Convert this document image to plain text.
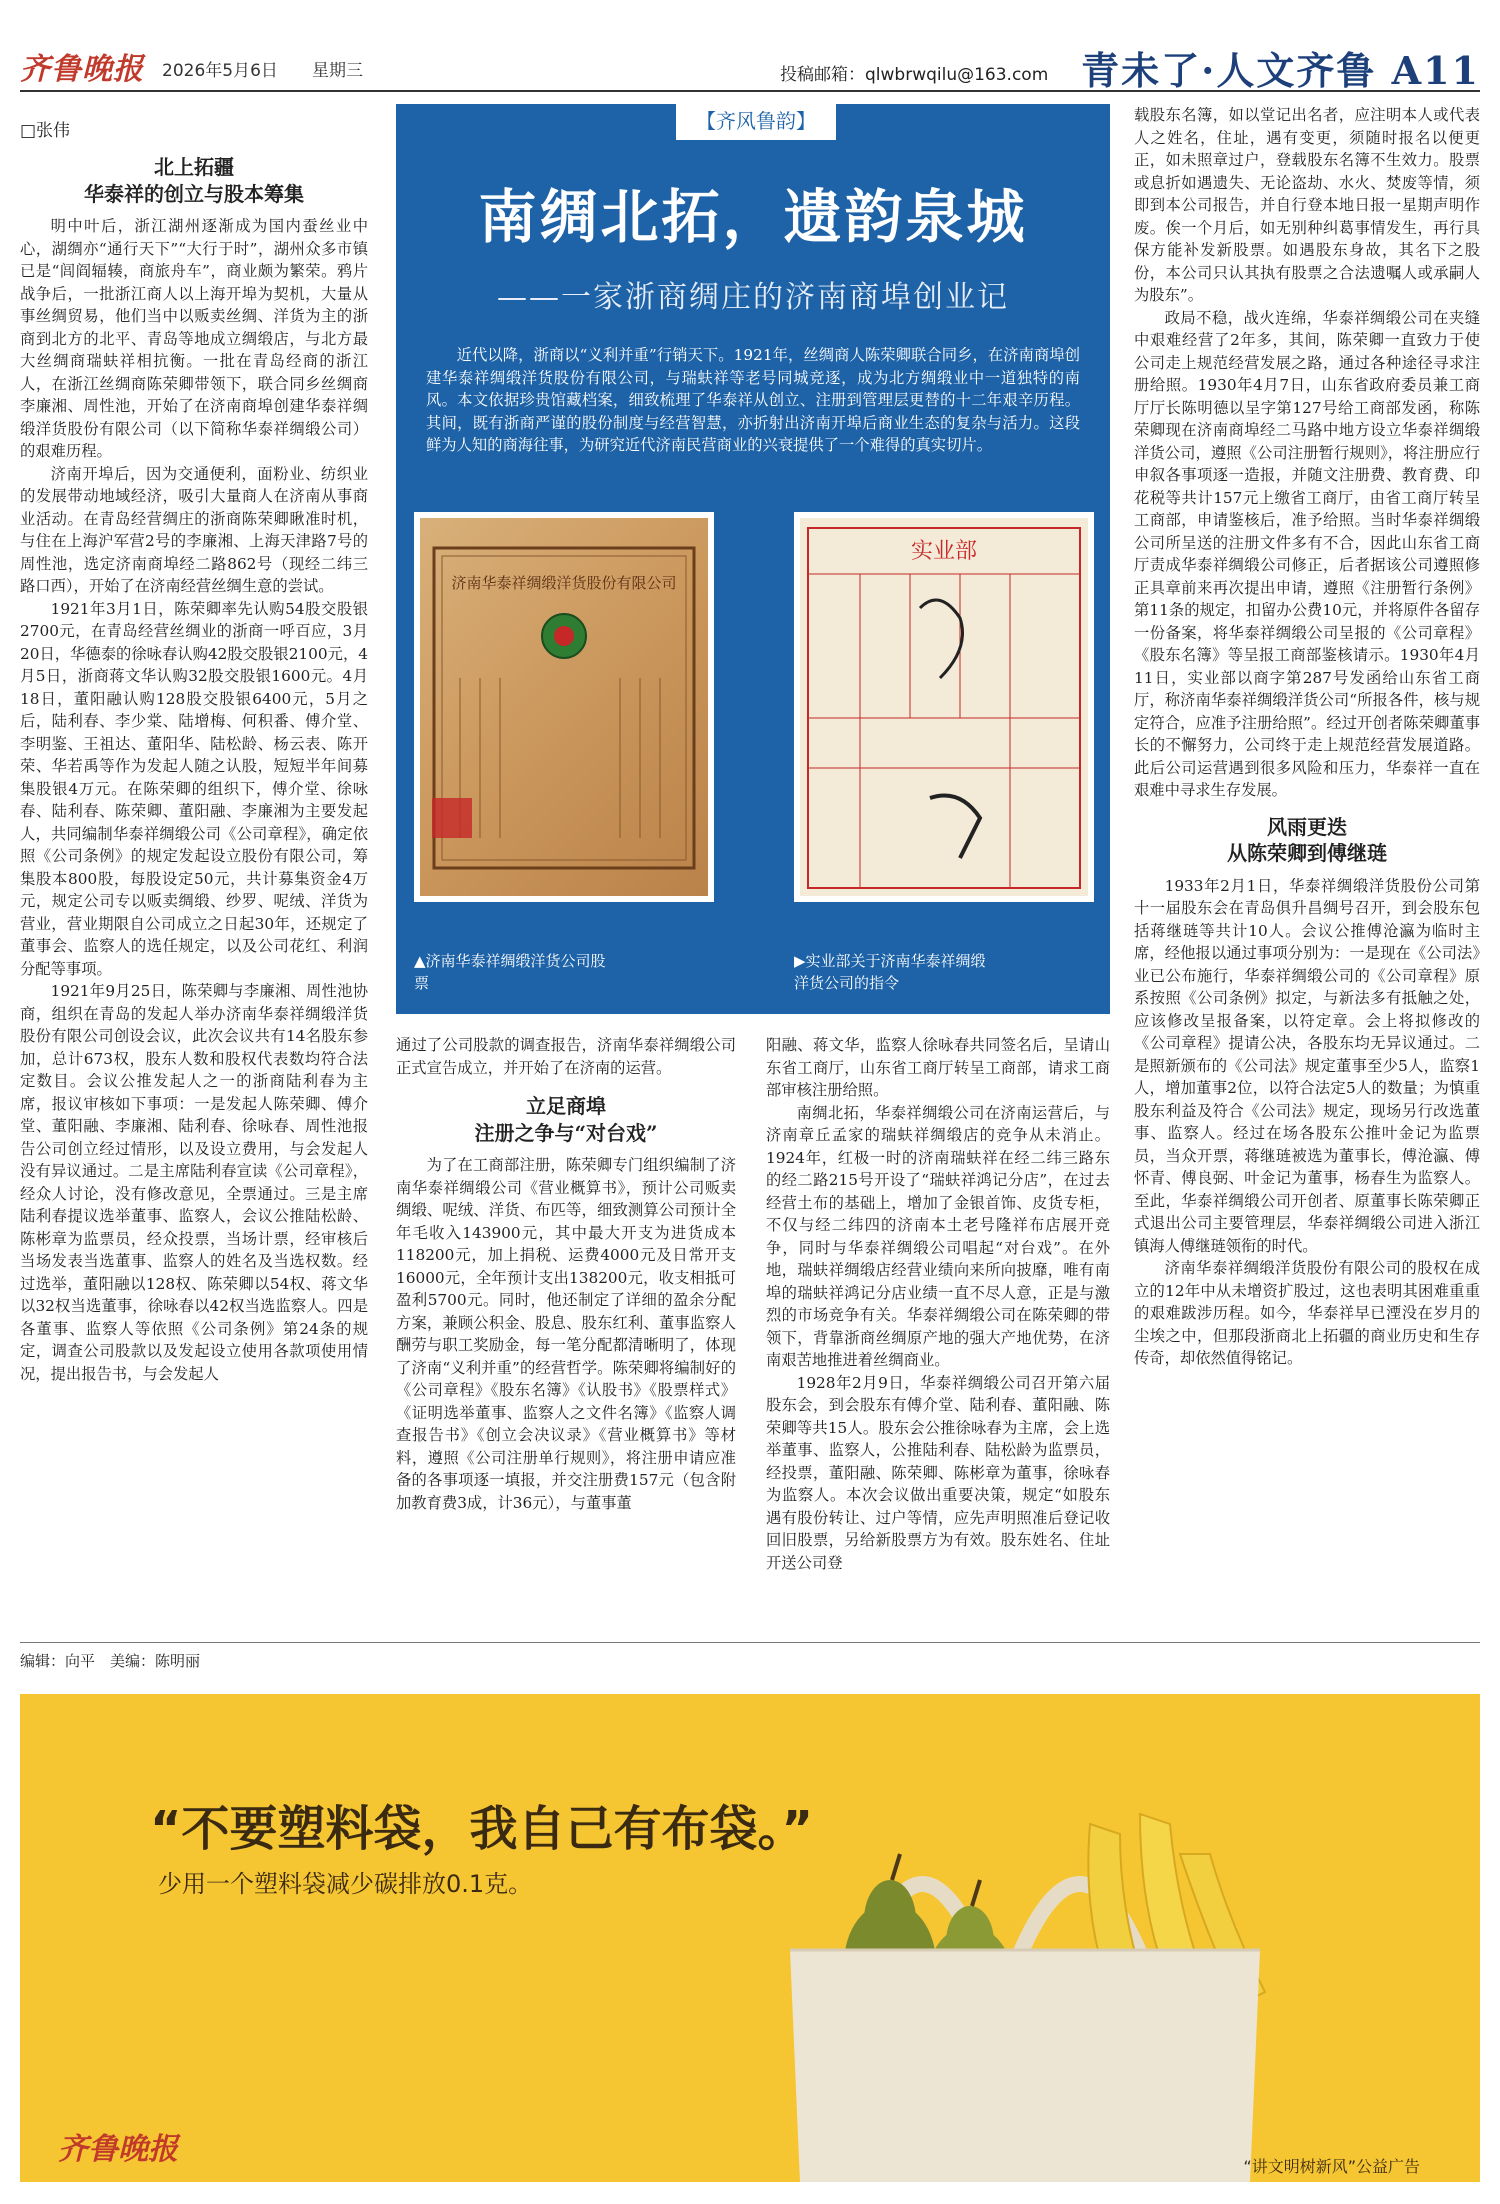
齐鲁晚报 2026年5月6日 星期三	投稿邮箱：qlwbrwqilu@163.com 青未了·人文齐鲁 A11
□张伟
北上拓疆
华泰祥的创立与股本筹集

明中叶后，浙江湖州逐渐成为国内蚕丝业中心，湖绸亦“通行天下”“大行于时”，湖州众多市镇已是“闾阎辐辏，商旅舟车”，商业颇为繁荣。鸦片战争后，一批浙江商人以上海开埠为契机，大量从事丝绸贸易，他们当中以贩卖丝绸、洋货为主的浙商到北方的北平、青岛等地成立绸缎店，与北方最大丝绸商瑞蚨祥相抗衡。一批在青岛经商的浙江人，在浙江丝绸商陈荣卿带领下，联合同乡丝绸商李廉湘、周性池，开始了在济南商埠创建华泰祥绸缎洋货股份有限公司（以下简称华泰祥绸缎公司）的艰难历程。

济南开埠后，因为交通便利，面粉业、纺织业的发展带动地域经济，吸引大量商人在济南从事商业活动。在青岛经营绸庄的浙商陈荣卿瞅准时机，与住在上海沪军营2号的李廉湘、上海天津路7号的周性池，选定济南商埠经二路862号（现经二纬三路口西），开始了在济南经营丝绸生意的尝试。

1921年3月1日，陈荣卿率先认购54股交股银2700元，在青岛经营丝绸业的浙商一呼百应，3月20日，华德泰的徐咏春认购42股交股银2100元，4月5日，浙商蒋文华认购32股交股银1600元。4月18日，董阳融认购128股交股银6400元，5月之后，陆利春、李少棠、陆增梅、何积番、傅介堂、李明鉴、王祖达、董阳华、陆松龄、杨云表、陈开荣、华若禹等作为发起人随之认股，短短半年间募集股银4万元。在陈荣卿的组织下，傅介堂、徐咏春、陆利春、陈荣卿、董阳融、李廉湘为主要发起人，共同编制华泰祥绸缎公司《公司章程》，确定依照《公司条例》的规定发起设立股份有限公司，筹集股本800股，每股设定50元，共计募集资金4万元，规定公司专以贩卖绸缎、纱罗、呢绒、洋货为营业，营业期限自公司成立之日起30年，还规定了董事会、监察人的选任规定，以及公司花红、利润分配等事项。

1921年9月25日，陈荣卿与李廉湘、周性池协商，组织在青岛的发起人举办济南华泰祥绸缎洋货股份有限公司创设会议，此次会议共有14名股东参加，总计673权，股东人数和股权代表数均符合法定数目。会议公推发起人之一的浙商陆利春为主席，报议审核如下事项：一是发起人陈荣卿、傅介堂、董阳融、李廉湘、陆利春、徐咏春、周性池报告公司创立经过情形，以及设立费用，与会发起人没有异议通过。二是主席陆利春宣读《公司章程》，经众人讨论，没有修改意见，全票通过。三是主席陆利春提议选举董事、监察人，会议公推陆松龄、陈彬章为监票员，经众投票，当场计票，经审核后当场发表当选董事、监察人的姓名及当选权数。经过选举，董阳融以128权、陈荣卿以54权、蒋文华以32权当选董事，徐咏春以42权当选监察人。四是各董事、监察人等依照《公司条例》第24条的规定，调查公司股款以及发起设立使用各款项使用情况，提出报告书，与会发起人

【齐风鲁韵】
南绸北拓，遗韵泉城
——一家浙商绸庄的济南商埠创业记
近代以降，浙商以“义利并重”行销天下。1921年，丝绸商人陈荣卿联合同乡，在济南商埠创建华泰祥绸缎洋货股份有限公司，与瑞蚨祥等老号同城竞逐，成为北方绸缎业中一道独特的南风。本文依据珍贵馆藏档案，细致梳理了华泰祥从创立、注册到管理层更替的十二年艰辛历程。其间，既有浙商严谨的股份制度与经营智慧，亦折射出济南开埠后商业生态的复杂与活力。这段鲜为人知的商海往事，为研究近代济南民营商业的兴衰提供了一个难得的真实切片。
济南华泰祥绸缎洋货股份有限公司
实业部
▲济南华泰祥绸缎洋货公司股票
▶实业部关于济南华泰祥绸缎洋货公司的指令

通过了公司股款的调查报告，济南华泰祥绸缎公司正式宣告成立，并开始了在济南的运营。

立足商埠
注册之争与“对台戏”

为了在工商部注册，陈荣卿专门组织编制了济南华泰祥绸缎公司《营业概算书》，预计公司贩卖绸缎、呢绒、洋货、布匹等，细致测算公司预计全年毛收入143900元，其中最大开支为进货成本118200元，加上捐税、运费4000元及日常开支16000元，全年预计支出138200元，收支相抵可盈利5700元。同时，他还制定了详细的盈余分配方案，兼顾公积金、股息、股东红利、董事监察人酬劳与职工奖励金，每一笔分配都清晰明了，体现了济南“义利并重”的经营哲学。陈荣卿将编制好的《公司章程》《股东名簿》《认股书》《股票样式》《证明选举董事、监察人之文件名簿》《监察人调查报告书》《创立会决议录》《营业概算书》等材料，遵照《公司注册单行规则》，将注册申请应准备的各事项逐一填报，并交注册费157元（包含附加教育费3成，计36元），与董事董

阳融、蒋文华，监察人徐咏春共同签名后，呈请山东省工商厅，山东省工商厅转呈工商部，请求工商部审核注册给照。

南绸北拓，华泰祥绸缎公司在济南运营后，与济南章丘孟家的瑞蚨祥绸缎店的竞争从未消止。1924年，红极一时的济南瑞蚨祥在经二纬三路东的经二路215号开设了“瑞蚨祥鸿记分店”，在过去经营土布的基础上，增加了金银首饰、皮货专柜，不仅与经二纬四的济南本土老号隆祥布店展开竞争，同时与华泰祥绸缎公司唱起“对台戏”。在外地，瑞蚨祥绸缎店经营业绩向来所向披靡，唯有南埠的瑞蚨祥鸿记分店业绩一直不尽人意，正是与激烈的市场竞争有关。华泰祥绸缎公司在陈荣卿的带领下，背靠浙商丝绸原产地的强大产地优势，在济南艰苦地推进着丝绸商业。

1928年2月9日，华泰祥绸缎公司召开第六届股东会，到会股东有傅介堂、陆利春、董阳融、陈荣卿等共15人。股东会公推徐咏春为主席，会上选举董事、监察人，公推陆利春、陆松龄为监票员，经投票，董阳融、陈荣卿、陈彬章为董事，徐咏春为监察人。本次会议做出重要决策，规定“如股东遇有股份转让、过户等情，应先声明照准后登记收回旧股票，另给新股票方为有效。股东姓名、住址开送公司登

载股东名簿，如以堂记出名者，应注明本人或代表人之姓名，住址，遇有变更，须随时报名以便更正，如未照章过户，登载股东名簿不生效力。股票或息折如遇遗失、无论盗劫、水火、焚废等情，须即到本公司报告，并自行登本地日报一星期声明作废。俟一个月后，如无别种纠葛事情发生，再行具保方能补发新股票。如遇股东身故，其名下之股份，本公司只认其执有股票之合法遗嘱人或承嗣人为股东”。

政局不稳，战火连绵，华泰祥绸缎公司在夹缝中艰难经营了2年多，其间，陈荣卿一直致力于使公司走上规范经营发展之路，通过各种途径寻求注册给照。1930年4月7日，山东省政府委员兼工商厅厅长陈明德以呈字第127号给工商部发函，称陈荣卿现在济南商埠经二马路中地方设立华泰祥绸缎洋货公司，遵照《公司注册暂行规则》，将注册应行申叙各事项逐一造报，并随文注册费、教育费、印花税等共计157元上缴省工商厅，由省工商厅转呈工商部，申请鉴核后，准予给照。当时华泰祥绸缎公司所呈送的注册文件多有不合，因此山东省工商厅责成华泰祥绸缎公司修正，后者据该公司遵照修正具章前来再次提出申请，遵照《注册暂行条例》第11条的规定，扣留办公费10元，并将原件各留存一份备案，将华泰祥绸缎公司呈报的《公司章程》《股东名簿》等呈报工商部鉴核请示。1930年4月11日，实业部以商字第287号发函给山东省工商厅，称济南华泰祥绸缎洋货公司“所报各件，核与规定符合，应准予注册给照”。经过开创者陈荣卿董事长的不懈努力，公司终于走上规范经营发展道路。此后公司运营遇到很多风险和压力，华泰祥一直在艰难中寻求生存发展。

风雨更迭
从陈荣卿到傅继琏

1933年2月1日，华泰祥绸缎洋货股份公司第十一届股东会在青岛俱升昌绸号召开，到会股东包括蒋继琏等共计10人。会议公推傅沧瀛为临时主席，经他报以通过事项分别为：一是现在《公司法》业已公布施行，华泰祥绸缎公司的《公司章程》原系按照《公司条例》拟定，与新法多有抵触之处，应该修改呈报备案，以符定章。会上将拟修改的《公司章程》提请公决，各股东均无异议通过。二是照新颁布的《公司法》规定董事至少5人，监察1人，增加董事2位，以符合法定5人的数量；为慎重股东利益及符合《公司法》规定，现场另行改选董事、监察人。经过在场各股东公推叶金记为监票员，当众开票，蒋继琏被选为董事长，傅沧瀛、傅怀青、傅良弼、叶金记为董事，杨春生为监察人。至此，华泰祥绸缎公司开创者、原董事长陈荣卿正式退出公司主要管理层，华泰祥绸缎公司进入浙江镇海人傅继琏领衔的时代。

济南华泰祥绸缎洋货股份有限公司的股权在成立的12年中从未增资扩股过，这也表明其困难重重的艰难跋涉历程。如今，华泰祥早已湮没在岁月的尘埃之中，但那段浙商北上拓疆的商业历史和生存传奇，却依然值得铭记。

编辑：向平　美编：陈明丽
“不要塑料袋，我自己有布袋。”
少用一个塑料袋减少碳排放0.1克。
齐鲁晚报	“讲文明树新风”公益广告
